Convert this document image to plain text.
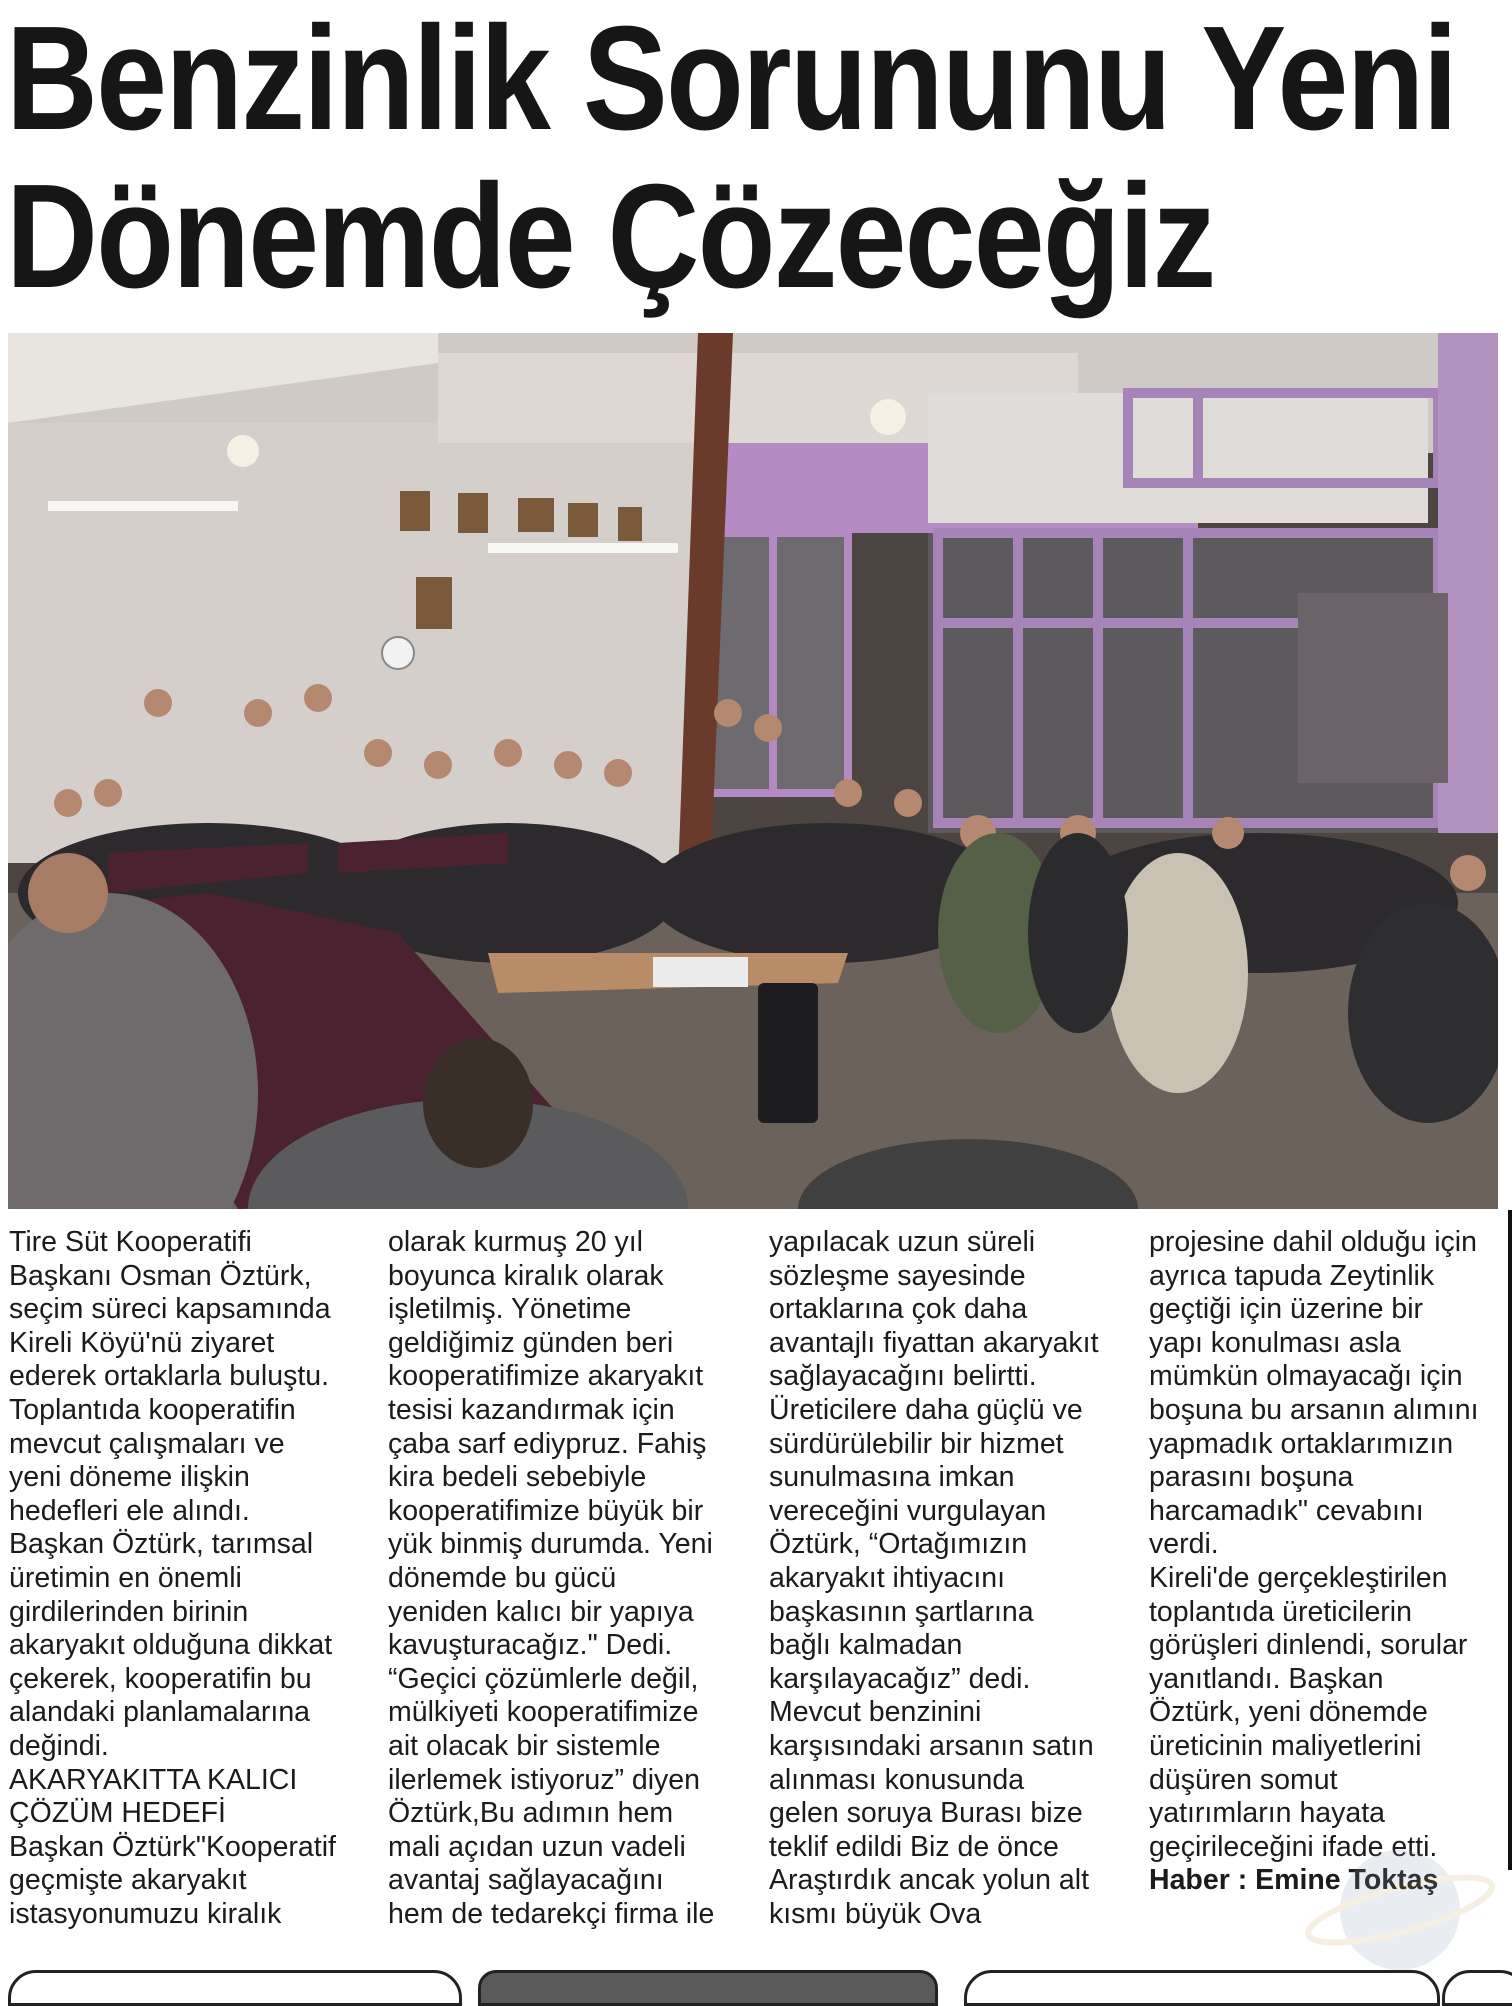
Benzinlik Sorununu Yeni
Dönemde Çözeceğiz

Tire Süt Kooperatifi
Başkanı Osman Öztürk,
seçim süreci kapsamında
Kireli Köyü'nü ziyaret
ederek ortaklarla buluştu.
Toplantıda kooperatifin
mevcut çalışmaları ve
yeni döneme ilişkin
hedefleri ele alındı.
Başkan Öztürk, tarımsal
üretimin en önemli
girdilerinden birinin
akaryakıt olduğuna dikkat
çekerek, kooperatifin bu
alandaki planlamalarına
değindi.
AKARYAKITTA KALICI
ÇÖZÜM HEDEFİ
Başkan Öztürk"Kooperatif
geçmişte akaryakıt
istasyonumuzu kiralık

olarak kurmuş 20 yıl
boyunca kiralık olarak
işletilmiş. Yönetime
geldiğimiz günden beri
kooperatifimize akaryakıt
tesisi kazandırmak için
çaba sarf ediypruz. Fahiş
kira bedeli sebebiyle
kooperatifimize büyük bir
yük binmiş durumda. Yeni
dönemde bu gücü
yeniden kalıcı bir yapıya
kavuşturacağız." Dedi.
“Geçici çözümlerle değil,
mülkiyeti kooperatifimize
ait olacak bir sistemle
ilerlemek istiyoruz” diyen
Öztürk,Bu adımın hem
mali açıdan uzun vadeli
avantaj sağlayacağını
hem de tedarekçi firma ile

yapılacak uzun süreli
sözleşme sayesinde
ortaklarına çok daha
avantajlı fiyattan akaryakıt
sağlayacağını belirtti.
Üreticilere daha güçlü ve
sürdürülebilir bir hizmet
sunulmasına imkan
vereceğini vurgulayan
Öztürk, “Ortağımızın
akaryakıt ihtiyacını
başkasının şartlarına
bağlı kalmadan
karşılayacağız” dedi.
Mevcut benzinini
karşısındaki arsanın satın
alınması konusunda
gelen soruya Burası bize
teklif edildi Biz de önce
Araştırdık ancak yolun alt
kısmı büyük Ova

projesine dahil olduğu için
ayrıca tapuda Zeytinlik
geçtiği için üzerine bir
yapı konulması asla
mümkün olmayacağı için
boşuna bu arsanın alımını
yapmadık ortaklarımızın
parasını boşuna
harcamadık" cevabını
verdi.
Kireli'de gerçekleştirilen
toplantıda üreticilerin
görüşleri dinlendi, sorular
yanıtlandı. Başkan
Öztürk, yeni dönemde
üreticinin maliyetlerini
düşüren somut
yatırımların hayata
geçirileceğini ifade etti.

Haber : Emine Toktaş
